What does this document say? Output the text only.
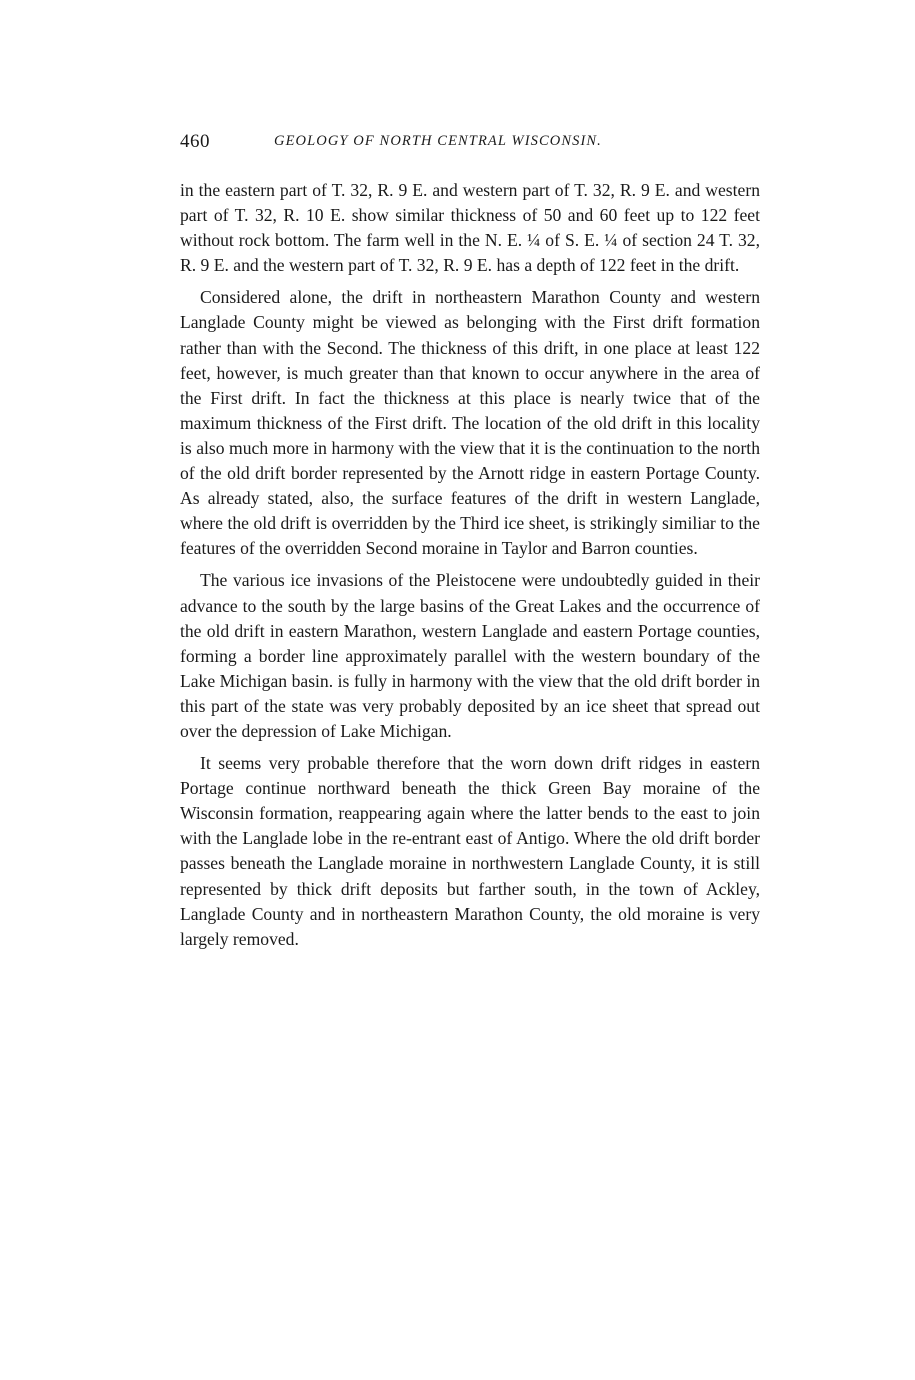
460	GEOLOGY OF NORTH CENTRAL WISCONSIN.

in the eastern part of T. 32, R. 9 E. and western part of T. 32, R. 9 E. and western part of T. 32, R. 10 E. show similar thickness of 50 and 60 feet up to 122 feet without rock bottom. The farm well in the N. E. ¼ of S. E. ¼ of section 24 T. 32, R. 9 E. and the western part of T. 32, R. 9 E. has a depth of 122 feet in the drift.

Considered alone, the drift in northeastern Marathon County and western Langlade County might be viewed as belonging with the First drift formation rather than with the Second. The thickness of this drift, in one place at least 122 feet, however, is much greater than that known to occur anywhere in the area of the First drift. In fact the thickness at this place is nearly twice that of the maximum thickness of the First drift. The location of the old drift in this locality is also much more in harmony with the view that it is the continuation to the north of the old drift border represented by the Arnott ridge in eastern Portage County. As already stated, also, the surface features of the drift in western Langlade, where the old drift is overridden by the Third ice sheet, is strikingly similiar to the features of the overridden Second moraine in Taylor and Barron counties.

The various ice invasions of the Pleistocene were undoubtedly guided in their advance to the south by the large basins of the Great Lakes and the occurrence of the old drift in eastern Marathon, western Langlade and eastern Portage counties, forming a border line approximately parallel with the western boundary of the Lake Michigan basin. is fully in harmony with the view that the old drift border in this part of the state was very probably deposited by an ice sheet that spread out over the depression of Lake Michigan.

It seems very probable therefore that the worn down drift ridges in eastern Portage continue northward beneath the thick Green Bay moraine of the Wisconsin formation, reappearing again where the latter bends to the east to join with the Langlade lobe in the re-entrant east of Antigo. Where the old drift border passes beneath the Langlade moraine in northwestern Langlade County, it is still represented by thick drift deposits but farther south, in the town of Ackley, Langlade County and in northeastern Marathon County, the old moraine is very largely removed.
